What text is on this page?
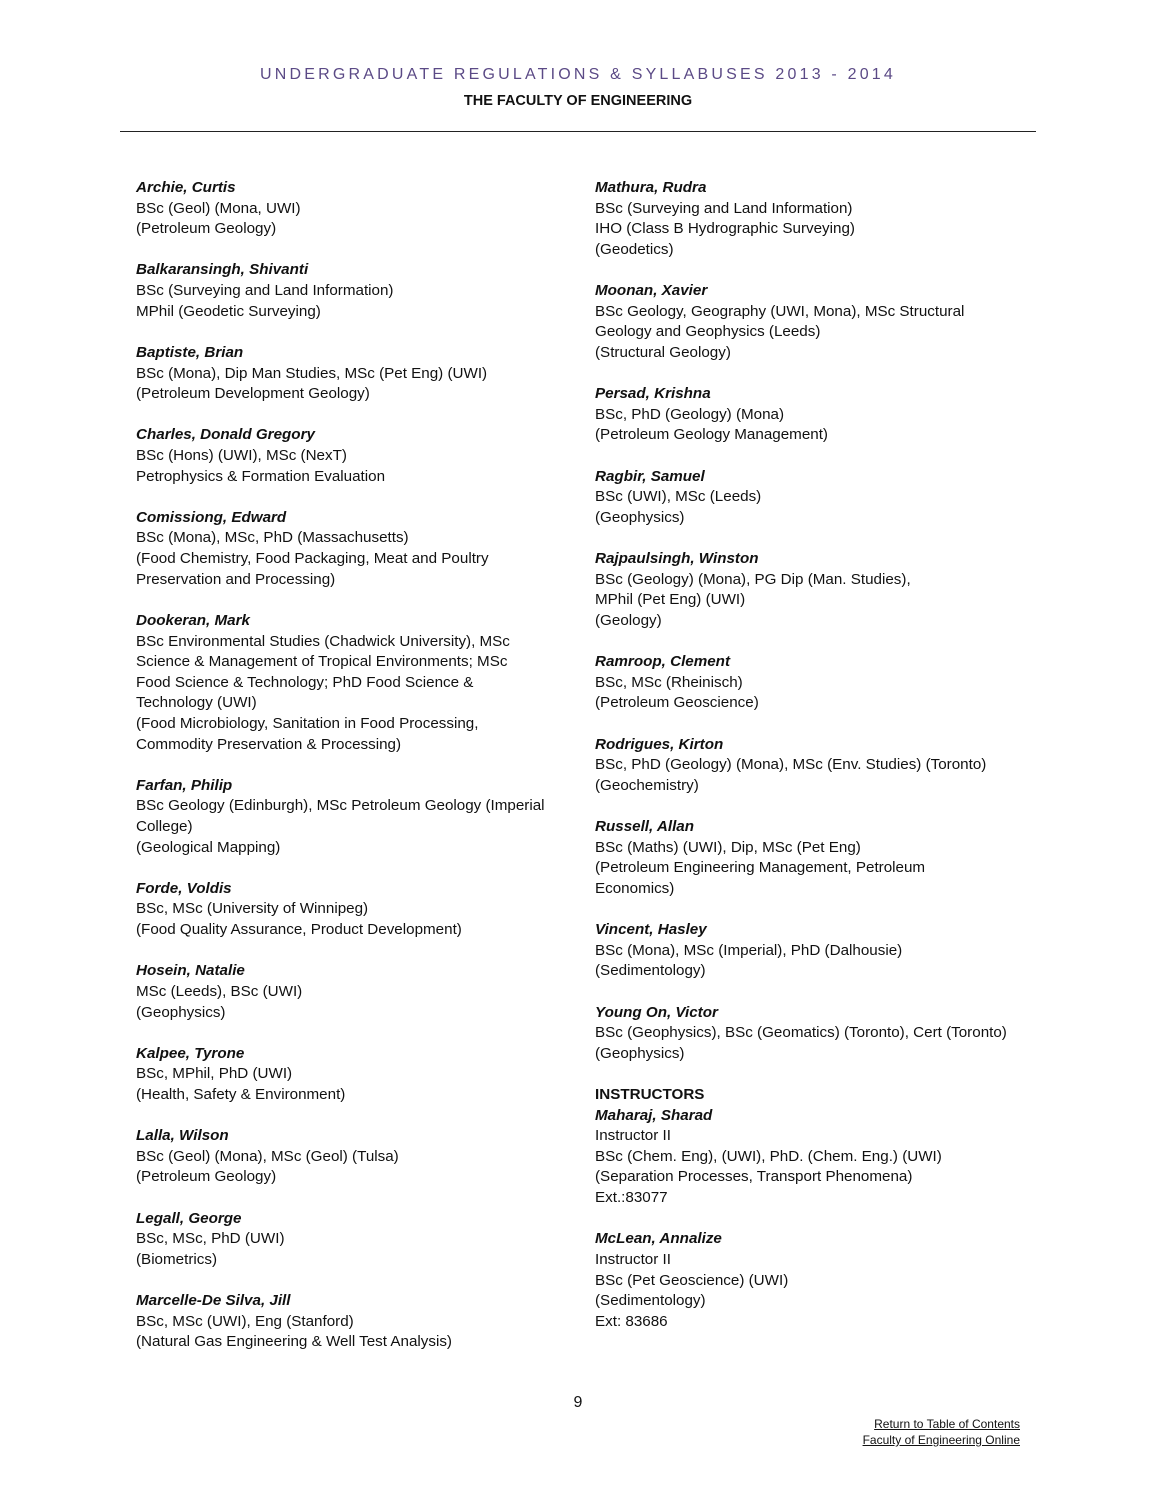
UNDERGRADUATE REGULATIONS & SYLLABUSES 2013 - 2014
THE FACULTY OF ENGINEERING
Archie, Curtis
BSc (Geol) (Mona, UWI)
(Petroleum Geology)
Balkaransingh, Shivanti
BSc (Surveying and Land Information)
MPhil (Geodetic Surveying)
Baptiste, Brian
BSc (Mona), Dip Man Studies, MSc (Pet Eng) (UWI)
(Petroleum Development Geology)
Charles, Donald Gregory
BSc (Hons) (UWI), MSc (NexT)
Petrophysics & Formation Evaluation
Comissiong, Edward
BSc (Mona), MSc, PhD (Massachusetts)
(Food Chemistry, Food Packaging, Meat and Poultry
Preservation and Processing)
Dookeran, Mark
BSc Environmental Studies (Chadwick University), MSc
Science & Management of Tropical Environments; MSc
Food Science & Technology; PhD Food Science &
Technology (UWI)
(Food Microbiology, Sanitation in Food Processing,
Commodity Preservation & Processing)
Farfan, Philip
BSc Geology (Edinburgh), MSc Petroleum Geology (Imperial
College)
(Geological Mapping)
Forde, Voldis
BSc, MSc (University of Winnipeg)
(Food Quality Assurance, Product Development)
Hosein, Natalie
MSc (Leeds), BSc (UWI)
(Geophysics)
Kalpee, Tyrone
BSc, MPhil, PhD (UWI)
(Health, Safety & Environment)
Lalla, Wilson
BSc (Geol) (Mona), MSc (Geol) (Tulsa)
(Petroleum Geology)
Legall, George
BSc, MSc, PhD (UWI)
(Biometrics)
Marcelle-De Silva, Jill
BSc, MSc (UWI), Eng (Stanford)
(Natural Gas Engineering & Well Test Analysis)
Mathura, Rudra
BSc (Surveying and Land Information)
IHO (Class B Hydrographic Surveying)
(Geodetics)
Moonan, Xavier
BSc Geology, Geography (UWI, Mona), MSc Structural
Geology and Geophysics (Leeds)
(Structural Geology)
Persad, Krishna
BSc, PhD (Geology) (Mona)
(Petroleum Geology Management)
Ragbir, Samuel
BSc (UWI), MSc (Leeds)
(Geophysics)
Rajpaulsingh, Winston
BSc (Geology) (Mona), PG Dip (Man. Studies),
MPhil (Pet Eng) (UWI)
(Geology)
Ramroop, Clement
BSc, MSc (Rheinisch)
(Petroleum Geoscience)
Rodrigues, Kirton
BSc, PhD (Geology) (Mona), MSc (Env. Studies) (Toronto)
(Geochemistry)
Russell, Allan
BSc (Maths) (UWI), Dip, MSc (Pet Eng)
(Petroleum Engineering Management, Petroleum
Economics)
Vincent, Hasley
BSc (Mona), MSc (Imperial), PhD (Dalhousie)
(Sedimentology)
Young On, Victor
BSc (Geophysics), BSc (Geomatics) (Toronto), Cert (Toronto)
(Geophysics)
INSTRUCTORS
Maharaj, Sharad
Instructor II
BSc (Chem. Eng), (UWI), PhD. (Chem. Eng.) (UWI)
(Separation Processes, Transport Phenomena)
Ext.:83077
McLean, Annalize
Instructor II
BSc (Pet Geoscience) (UWI)
(Sedimentology)
Ext: 83686
9
Return to Table of Contents
Faculty of Engineering Online
